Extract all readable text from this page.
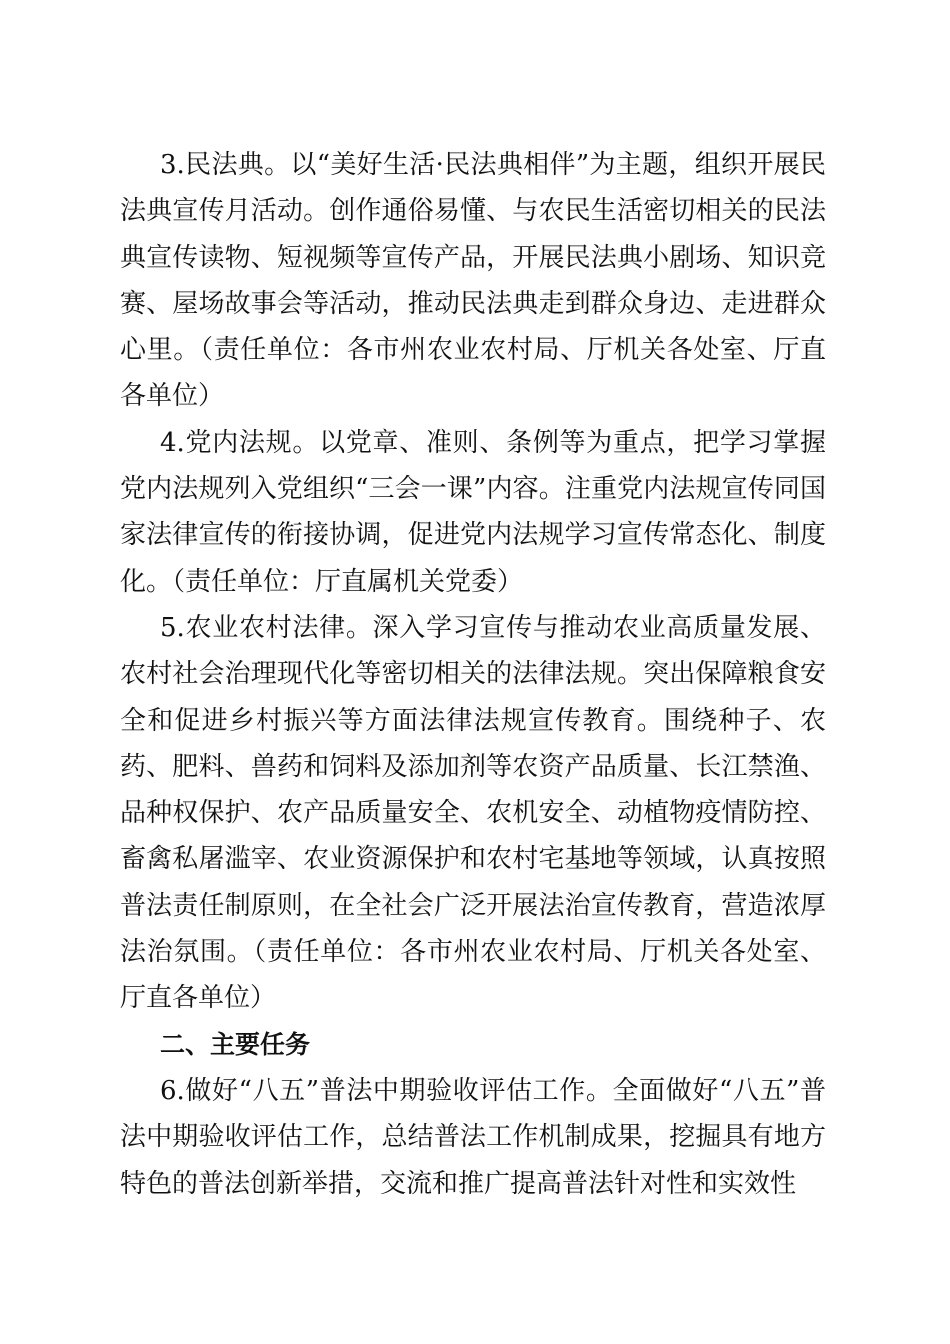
3.民法典。以“美好生活·民法典相伴”为主题，组织开展民法典宣传月活动。创作通俗易懂、与农民生活密切相关的民法典宣传读物、短视频等宣传产品，开展民法典小剧场、知识竞赛、屋场故事会等活动，推动民法典走到群众身边、走进群众心里。（责任单位：各市州农业农村局、厅机关各处室、厅直各单位）

4.党内法规。以党章、准则、条例等为重点，把学习掌握党内法规列入党组织“三会一课”内容。注重党内法规宣传同国家法律宣传的衔接协调，促进党内法规学习宣传常态化、制度化。（责任单位：厅直属机关党委）

5.农业农村法律。深入学习宣传与推动农业高质量发展、农村社会治理现代化等密切相关的法律法规。突出保障粮食安全和促进乡村振兴等方面法律法规宣传教育。围绕种子、农药、肥料、兽药和饲料及添加剂等农资产品质量、长江禁渔、品种权保护、农产品质量安全、农机安全、动植物疫情防控、畜禽私屠滥宰、农业资源保护和农村宅基地等领域，认真按照普法责任制原则，在全社会广泛开展法治宣传教育，营造浓厚法治氛围。（责任单位：各市州农业农村局、厅机关各处室、厅直各单位）

二、主要任务

6.做好“八五”普法中期验收评估工作。全面做好“八五”普法中期验收评估工作，总结普法工作机制成果，挖掘具有地方特色的普法创新举措，交流和推广提高普法针对性和实效性
